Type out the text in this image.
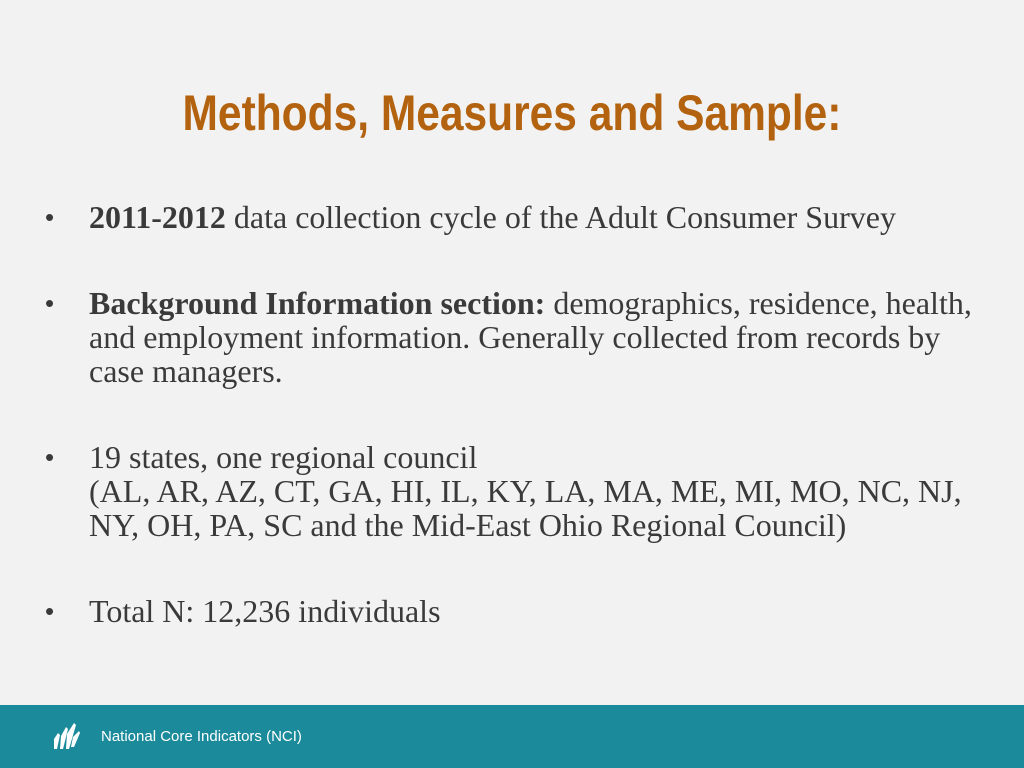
Methods, Measures and Sample:
• 2011-2012 data collection cycle of the Adult Consumer Survey
• Background Information section: demographics, residence, health, and employment information. Generally collected from records by case managers.
• 19 states, one regional council
(AL, AR, AZ, CT, GA, HI, IL, KY, LA, MA, ME, MI, MO, NC, NJ, NY, OH, PA, SC and the Mid-East Ohio Regional Council)
• Total N: 12,236 individuals
National Core Indicators (NCI)
